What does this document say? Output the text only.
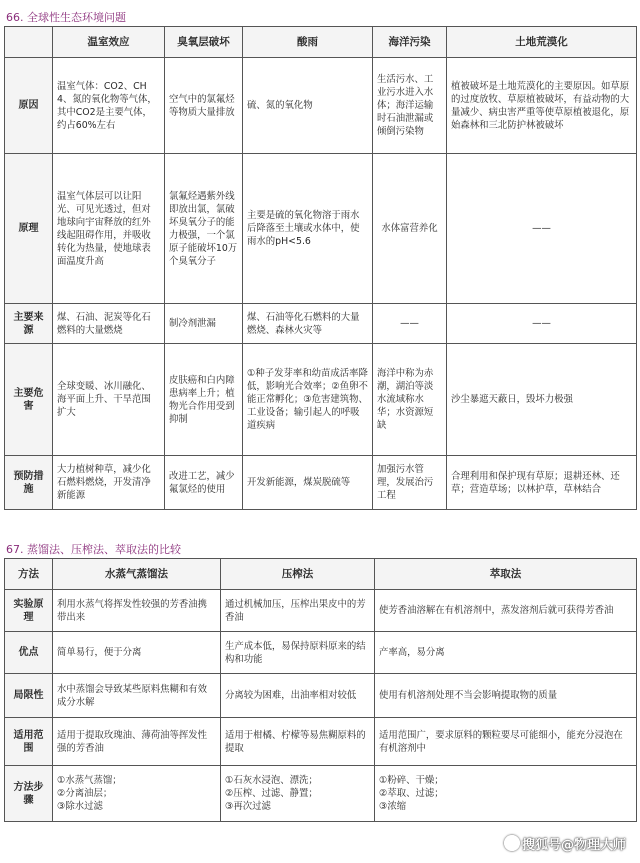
66. 全球性生态环境问题
	温室效应	臭氧层破坏	酸雨	海洋污染	土地荒漠化
原因	温室气体：CO2、CH4、氮的氧化物等气体，其中CO2是主要气体，约占60%左右	空气中的氯氟烃等物质大量排放	硫、氮的氧化物	生活污水、工业污水进入水体；海洋运输时石油泄漏或倾倒污染物	植被破坏是土地荒漠化的主要原因。如草原的过度放牧、草原植被破坏，有益动物的大量减少、病虫害严重等使草原植被退化，原始森林和三北防护林被破坏
原理	温室气体层可以让阳光、可见光透过，但对地球向宇宙释放的红外线起阻碍作用，并吸收转化为热量，使地球表面温度升高	氯氟烃遇紫外线即放出氯，氯破坏臭氧分子的能力极强，一个氯原子能破坏10万个臭氧分子	主要是硫的氧化物溶于雨水后降落至土壤或水体中，使雨水的pH<5.6	水体富营养化	——
主要来源	煤、石油、泥炭等化石燃料的大量燃烧	制冷剂泄漏	煤、石油等化石燃料的大量燃烧、森林火灾等	——	——
主要危害	全球变暖、冰川融化、海平面上升、干旱范围扩大	皮肤癌和白内障患病率上升；植物光合作用受到抑制	①种子发芽率和幼苗成活率降低，影响光合效率；②鱼卵不能正常孵化；③危害建筑物、工业设备；输引起人的呼吸道疾病	海洋中称为赤潮，湖泊等淡水流域称水华；水资源短缺	沙尘暴遮天蔽日，毁坏力极强
预防措施	大力植树种草，减少化石燃料燃烧，开发清净新能源	改进工艺，减少氟氯烃的使用	开发新能源，煤炭脱硫等	加强污水管理，发展治污工程	合理利用和保护现有草原；退耕还林、还草；营造草场；以林护草，草林结合
67. 蒸馏法、压榨法、萃取法的比较
方法	水蒸气蒸馏法	压榨法	萃取法
实验原理	利用水蒸气将挥发性较强的芳香油携带出来	通过机械加压，压榨出果皮中的芳香油	使芳香油溶解在有机溶剂中，蒸发溶剂后就可获得芳香油
优点	简单易行，便于分离	生产成本低，易保持原料原来的结构和功能	产率高，易分离
局限性	水中蒸馏会导致某些原料焦糊和有效成分水解	分离较为困难，出油率相对较低	使用有机溶剂处理不当会影响提取物的质量
适用范围	适用于提取玫瑰油、薄荷油等挥发性强的芳香油	适用于柑橘、柠檬等易焦糊原料的提取	适用范围广，要求原料的颗粒要尽可能细小，能充分浸泡在有机溶剂中
方法步骤	①水蒸气蒸馏；
②分离油层；
③除水过滤	①石灰水浸泡、漂洗；
②压榨、过滤、静置；
③再次过滤	①粉碎、干燥；
②萃取、过滤；
③浓缩
搜狐号@物理大师
